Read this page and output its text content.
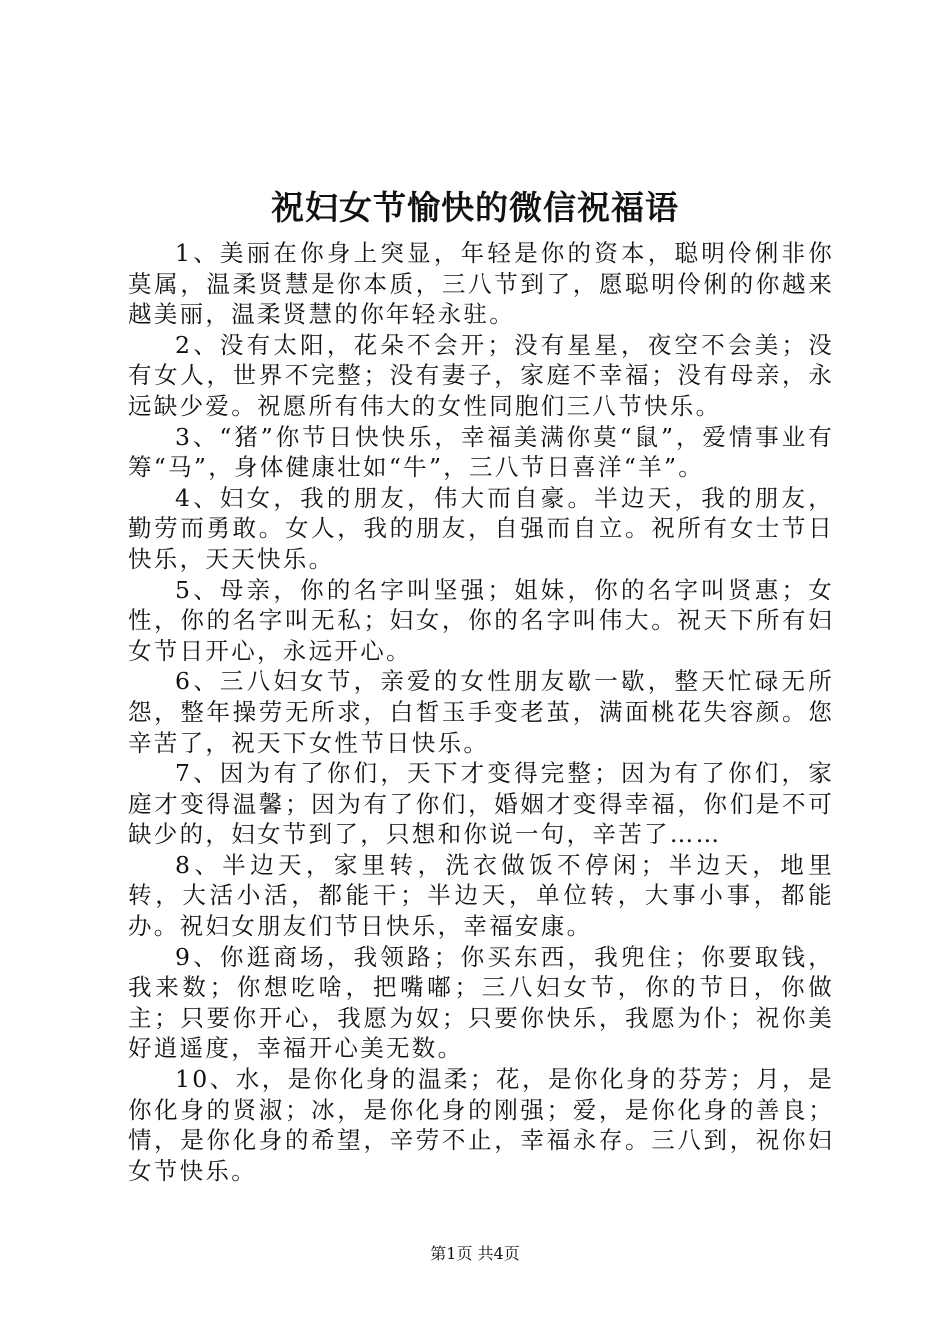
祝妇女节愉快的微信祝福语

1、美丽在你身上突显，年轻是你的资本，聪明伶俐非你莫属，温柔贤慧是你本质，三八节到了，愿聪明伶俐的你越来越美丽，温柔贤慧的你年轻永驻。

2、没有太阳，花朵不会开；没有星星，夜空不会美；没有女人，世界不完整；没有妻子，家庭不幸福；没有母亲，永远缺少爱。祝愿所有伟大的女性同胞们三八节快乐。

3、“猪”你节日快快乐，幸福美满你莫“鼠”，爱情事业有筹“马”，身体健康壮如“牛”，三八节日喜洋“羊”。

4、妇女，我的朋友，伟大而自豪。半边天，我的朋友，勤劳而勇敢。女人，我的朋友，自强而自立。祝所有女士节日快乐，天天快乐。

5、母亲，你的名字叫坚强；姐妹，你的名字叫贤惠；女性，你的名字叫无私；妇女，你的名字叫伟大。祝天下所有妇女节日开心，永远开心。

6、三八妇女节，亲爱的女性朋友歇一歇，整天忙碌无所怨，整年操劳无所求，白皙玉手变老茧，满面桃花失容颜。您辛苦了，祝天下女性节日快乐。

7、因为有了你们，天下才变得完整；因为有了你们，家庭才变得温馨；因为有了你们，婚姻才变得幸福，你们是不可缺少的，妇女节到了，只想和你说一句，辛苦了……

8、半边天，家里转，洗衣做饭不停闲；半边天，地里转，大活小活，都能干；半边天，单位转，大事小事，都能办。祝妇女朋友们节日快乐，幸福安康。

9、你逛商场，我领路；你买东西，我兜住；你要取钱，我来数；你想吃啥，把嘴嘟；三八妇女节，你的节日，你做主；只要你开心，我愿为奴；只要你快乐，我愿为仆；祝你美好逍遥度，幸福开心美无数。

10、水，是你化身的温柔；花，是你化身的芬芳；月，是你化身的贤淑；冰，是你化身的刚强；爱，是你化身的善良；情，是你化身的希望，辛劳不止，幸福永存。三八到，祝你妇女节快乐。

第1页 共4页
